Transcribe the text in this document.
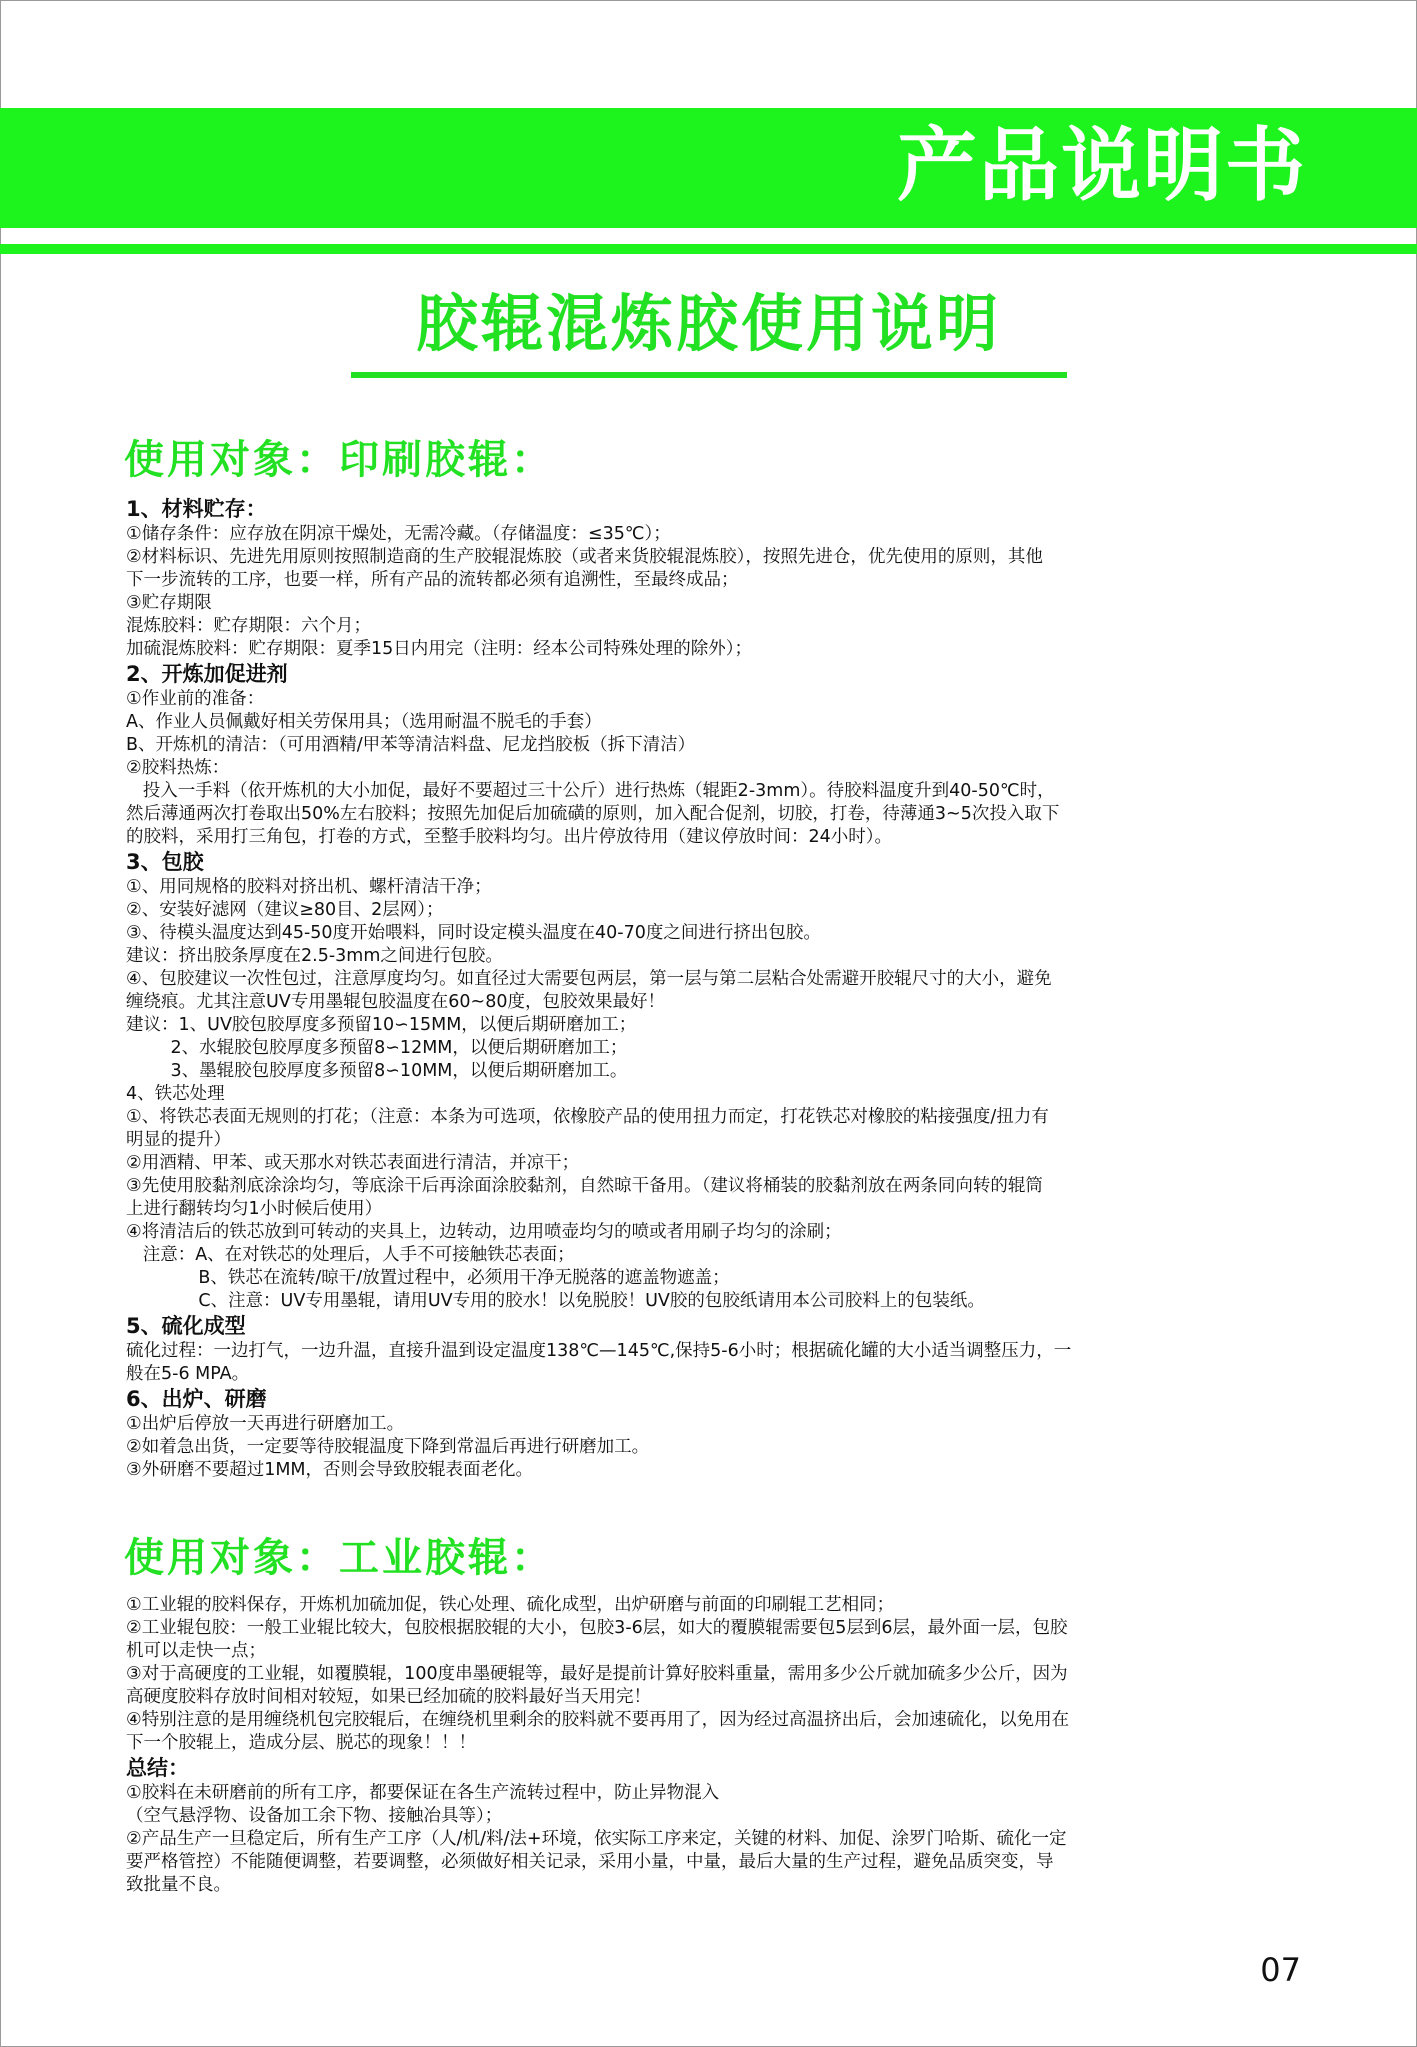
产品说明书
胶辊混炼胶使用说明
使用对象：印刷胶辊：
1、材料贮存：
①储存条件：应存放在阴凉干燥处，无需冷藏。（存储温度：≤35℃）；
②材料标识、先进先用原则按照制造商的生产胶辊混炼胶（或者来货胶辊混炼胶），按照先进仓，优先使用的原则，其他
下一步流转的工序，也要一样，所有产品的流转都必须有追溯性，至最终成品；
③贮存期限
混炼胶料：贮存期限：六个月；
加硫混炼胶料：贮存期限：夏季15日内用完（注明：经本公司特殊处理的除外）；
2、开炼加促进剂
①作业前的准备：
A、作业人员佩戴好相关劳保用具；（选用耐温不脱毛的手套）
B、开炼机的清洁：（可用酒精/甲苯等清洁料盘、尼龙挡胶板（拆下清洁）
②胶料热炼：
投入一手料（依开炼机的大小加促，最好不要超过三十公斤）进行热炼（辊距2-3mm）。待胶料温度升到40-50℃时，
然后薄通两次打卷取出50%左右胶料；按照先加促后加硫磺的原则，加入配合促剂，切胶，打卷，待薄通3~5次投入取下
的胶料，采用打三角包，打卷的方式，至整手胶料均匀。出片停放待用（建议停放时间：24小时）。
3、包胶
①、用同规格的胶料对挤出机、螺杆清洁干净；
②、安装好滤网（建议≥80目、2层网）；
③、待模头温度达到45-50度开始喂料，同时设定模头温度在40-70度之间进行挤出包胶。
建议：挤出胶条厚度在2.5-3mm之间进行包胶。
④、包胶建议一次性包过，注意厚度均匀。如直径过大需要包两层，第一层与第二层粘合处需避开胶辊尺寸的大小，避免
缠绕痕。尤其注意UV专用墨辊包胶温度在60~80度，包胶效果最好！
建议：1、UV胶包胶厚度多预留10∽15MM，以便后期研磨加工；
2、水辊胶包胶厚度多预留8∽12MM，以便后期研磨加工；
3、墨辊胶包胶厚度多预留8∽10MM，以便后期研磨加工。
4、铁芯处理
①、将铁芯表面无规则的打花；（注意：本条为可选项，依橡胶产品的使用扭力而定，打花铁芯对橡胶的粘接强度/扭力有
明显的提升）
②用酒精、甲苯、或天那水对铁芯表面进行清洁，并凉干；
③先使用胶黏剂底涂涂均匀，等底涂干后再涂面涂胶黏剂，自然晾干备用。（建议将桶装的胶黏剂放在两条同向转的辊筒
上进行翻转均匀1小时候后使用）
④将清洁后的铁芯放到可转动的夹具上，边转动，边用喷壶均匀的喷或者用刷子均匀的涂刷；
注意：A、在对铁芯的处理后，人手不可接触铁芯表面；
B、铁芯在流转/晾干/放置过程中，必须用干净无脱落的遮盖物遮盖；
C、注意：UV专用墨辊，请用UV专用的胶水！以免脱胶！UV胶的包胶纸请用本公司胶料上的包装纸。
5、硫化成型
硫化过程：一边打气，一边升温，直接升温到设定温度138℃—145℃,保持5-6小时；根据硫化罐的大小适当调整压力，一
般在5-6 MPA。
6、出炉、研磨
①出炉后停放一天再进行研磨加工。
②如着急出货，一定要等待胶辊温度下降到常温后再进行研磨加工。
③外研磨不要超过1MM，否则会导致胶辊表面老化。
使用对象：工业胶辊：
①工业辊的胶料保存，开炼机加硫加促，铁心处理、硫化成型，出炉研磨与前面的印刷辊工艺相同；
②工业辊包胶：一般工业辊比较大，包胶根据胶辊的大小，包胶3-6层，如大的覆膜辊需要包5层到6层，最外面一层，包胶
机可以走快一点；
③对于高硬度的工业辊，如覆膜辊，100度串墨硬辊等，最好是提前计算好胶料重量，需用多少公斤就加硫多少公斤，因为
高硬度胶料存放时间相对较短，如果已经加硫的胶料最好当天用完！
④特别注意的是用缠绕机包完胶辊后，在缠绕机里剩余的胶料就不要再用了，因为经过高温挤出后，会加速硫化，以免用在
下一个胶辊上，造成分层、脱芯的现象！！！
总结：
①胶料在未研磨前的所有工序，都要保证在各生产流转过程中，防止异物混入
（空气悬浮物、设备加工余下物、接触冶具等）；
②产品生产一旦稳定后，所有生产工序（人/机/料/法+环境，依实际工序来定，关键的材料、加促、涂罗门哈斯、硫化一定
要严格管控）不能随便调整，若要调整，必须做好相关记录，采用小量，中量，最后大量的生产过程，避免品质突变，导
致批量不良。
07
